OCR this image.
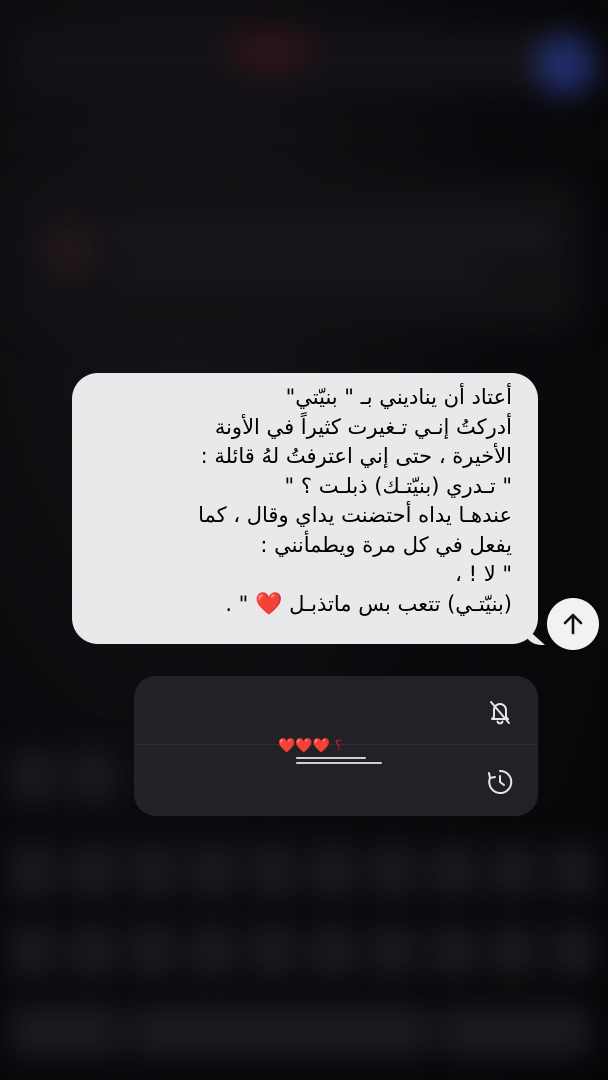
أعتاد أن يناديني بـ " بنيّتي"
أدركتُ إنـي تـغيرت كثيراً في الأونة
الأخيرة ، حتى إني اعترفتُ لهُ قائلة :
" تـدري (بنيّتـك) ذبلـت ؟ "
عندهـا يداه أحتضنت يداي وقال ، كما
يفعل في كل مرة ويطمأنني :
" لا ! ،
(بنيّتـي) تتعب بس ماتذبـل ❤️ " .
❤️❤️❤️ ؟
